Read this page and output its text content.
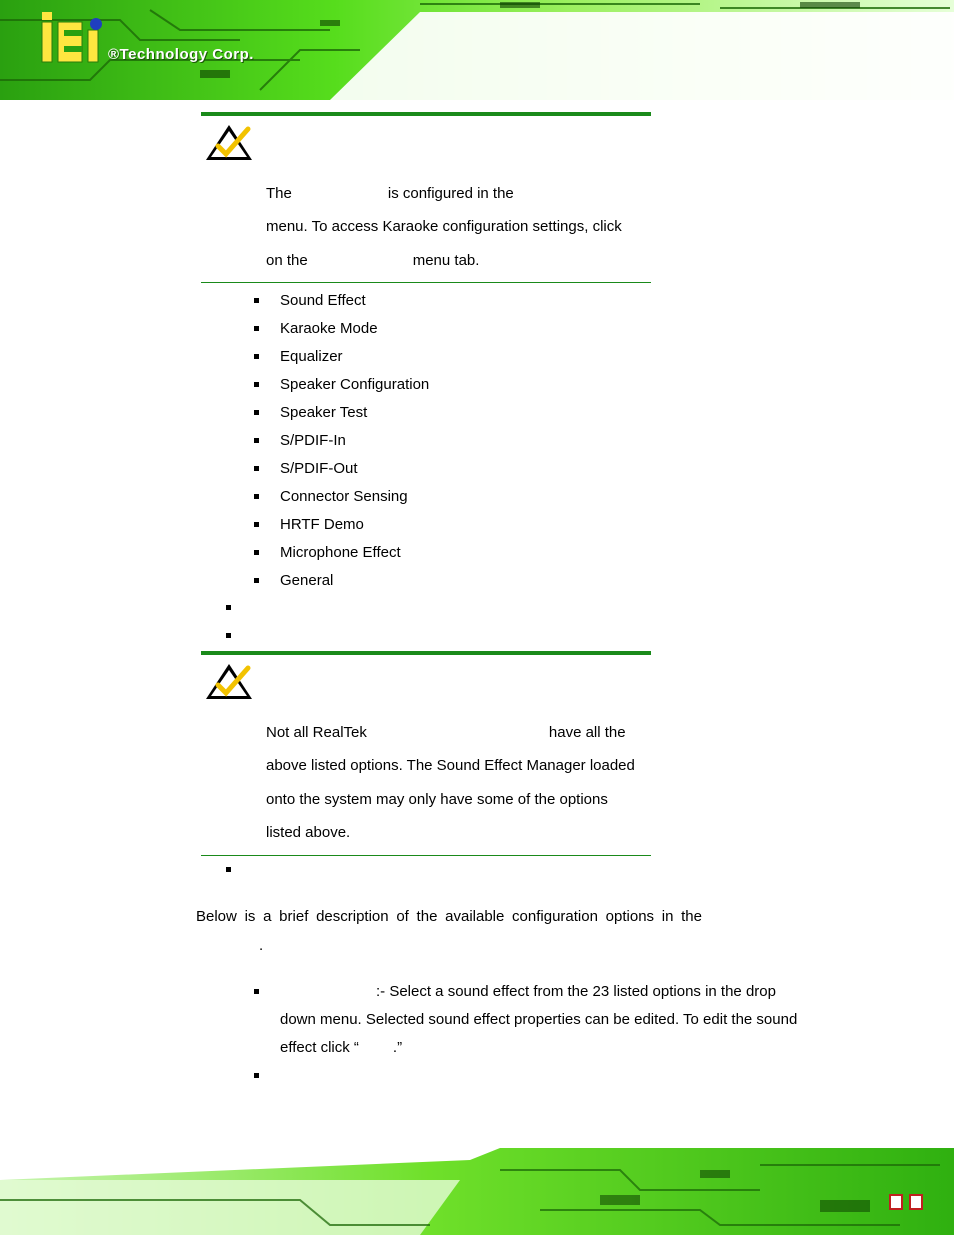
®Technology Corp.
The	is configured in the
menu. To access Karaoke configuration settings, click
on the	menu tab.
Sound Effect
Karaoke Mode
Equalizer
Speaker Configuration
Speaker Test
S/PDIF-In
S/PDIF-Out
Connector Sensing
HRTF Demo
Microphone Effect
General
Not all RealTek	have all the
above listed options. The Sound Effect Manager loaded
onto the system may only have some of the options
listed above.
Below is a brief description of the available configuration options in the
.
:- Select a sound effect from the 23 listed options in the drop
down menu. Selected sound effect properties can be edited. To edit the sound
effect click “ .”
